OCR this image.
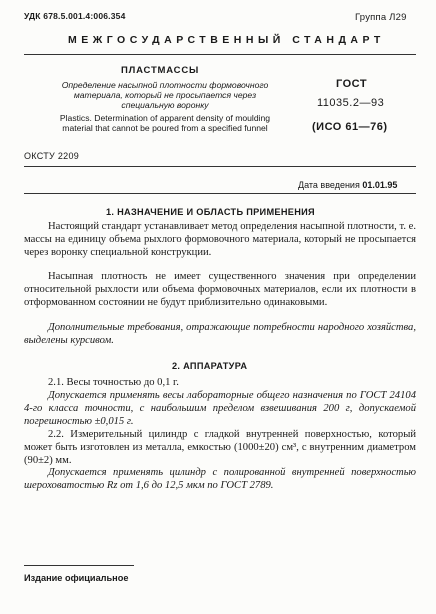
УДК 678.5.001.4:006.354	Группа Л29
МЕЖГОСУДАРСТВЕННЫЙ СТАНДАРТ
ПЛАСТМАССЫ
Определение насыпной плотности формовочного материала, который не просыпается через специальную воронку
Plastics. Determination of apparent density of moulding material that cannot be poured from a specified funnel
ГОСТ
11035.2—93
(ИСО 61—76)
ОКСТУ 2209
Дата введения 01.01.95
1. НАЗНАЧЕНИЕ И ОБЛАСТЬ ПРИМЕНЕНИЯ
Настоящий стандарт устанавливает метод определения насыпной плотности, т. е. массы на единицу объема рыхлого формовочного материала, который не просыпается через воронку специальной конструкции.
Насыпная плотность не имеет существенного значения при определении относительной рыхлости или объема формовочных материалов, если их плотности в отформованном состоянии не будут приблизительно одинаковыми.
Дополнительные требования, отражающие потребности народного хозяйства, выделены курсивом.
2. АППАРАТУРА
2.1. Весы точностью до 0,1 г.
Допускается применять весы лабораторные общего назначения по ГОСТ 24104 4-го класса точности, с наибольшим пределом взвешивания 200 г, допускаемой погрешностью ±0,015 г.
2.2. Измерительный цилиндр с гладкой внутренней поверхностью, который может быть изготовлен из металла, емкостью (1000±20) см³, с внутренним диаметром (90±2) мм.
Допускается применять цилиндр с полированной внутренней поверхностью шероховатостью Rz от 1,6 до 12,5 мкм по ГОСТ 2789.
Издание официальное
